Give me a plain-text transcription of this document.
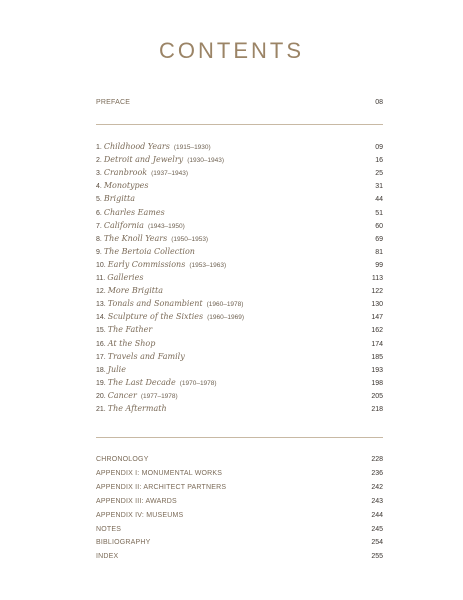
CONTENTS
PREFACE	08
1. Childhood Years (1915–1930)	09
2. Detroit and Jewelry (1930–1943)	16
3. Cranbrook (1937–1943)	25
4. Monotypes	31
5. Brigitta	44
6. Charles Eames	51
7. California (1943–1950)	60
8. The Knoll Years (1950–1953)	69
9. The Bertoia Collection	81
10. Early Commissions (1953–1963)	99
11. Galleries	113
12. More Brigitta	122
13. Tonals and Sonambient (1960–1978)	130
14. Sculpture of the Sixties (1960–1969)	147
15. The Father	162
16. At the Shop	174
17. Travels and Family	185
18. Julie	193
19. The Last Decade (1970–1978)	198
20. Cancer (1977–1978)	205
21. The Aftermath	218
CHRONOLOGY	228
APPENDIX I: MONUMENTAL WORKS	236
APPENDIX II: ARCHITECT PARTNERS	242
APPENDIX III: AWARDS	243
APPENDIX IV: MUSEUMS	244
NOTES	245
BIBLIOGRAPHY	254
INDEX	255
